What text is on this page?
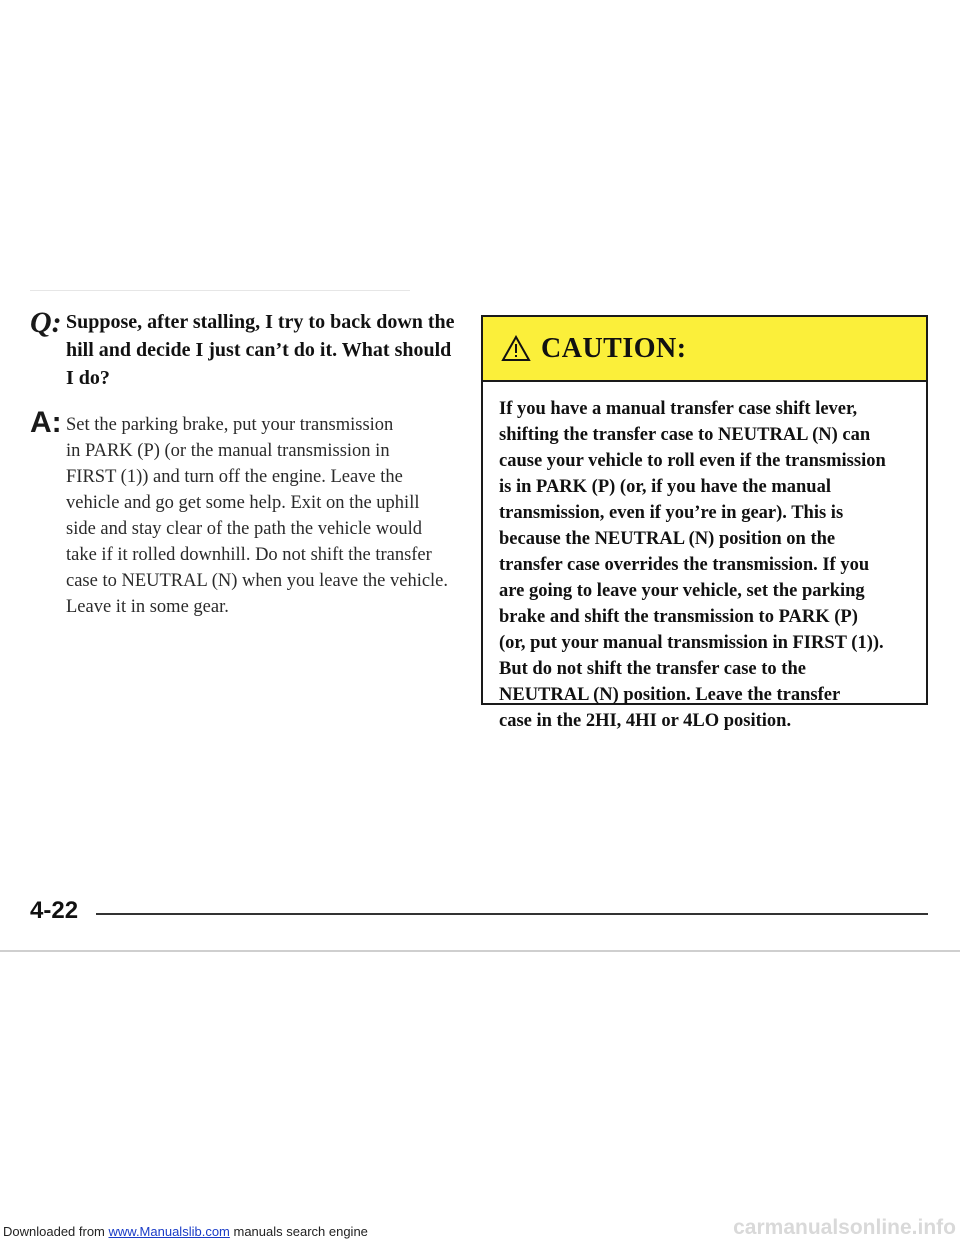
Q: Suppose, after stalling, I try to back down the
hill and decide I just can’t do it. What should
I do?
A: Set the parking brake, put your transmission
in PARK (P) (or the manual transmission in
FIRST (1)) and turn off the engine. Leave the
vehicle and go get some help. Exit on the uphill
side and stay clear of the path the vehicle would
take if it rolled downhill. Do not shift the transfer
case to NEUTRAL (N) when you leave the vehicle.
Leave it in some gear.
CAUTION:
If you have a manual transfer case shift lever,
shifting the transfer case to NEUTRAL (N) can
cause your vehicle to roll even if the transmission
is in PARK (P) (or, if you have the manual
transmission, even if you’re in gear). This is
because the NEUTRAL (N) position on the
transfer case overrides the transmission. If you
are going to leave your vehicle, set the parking
brake and shift the transmission to PARK (P)
(or, put your manual transmission in FIRST (1)).
But do not shift the transfer case to the
NEUTRAL (N) position. Leave the transfer
case in the 2HI, 4HI or 4LO position.
4-22
Downloaded from www.Manualslib.com manuals search engine	carmanualsonline.info
